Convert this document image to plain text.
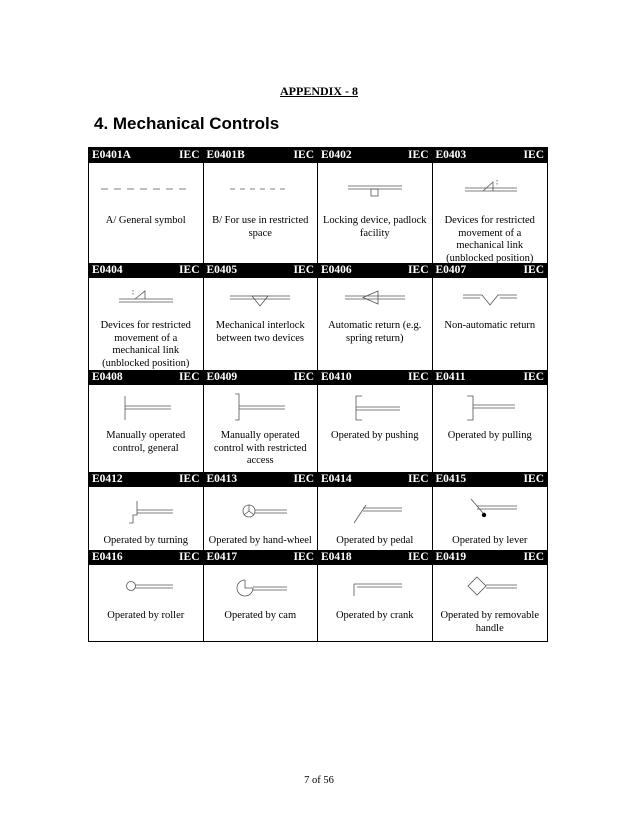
APPENDIX - 8
4. Mechanical Controls
E0401A	IEC
A/ General symbol
E0401B	IEC
B/ For use in restricted space
E0402	IEC
Locking device, padlock facility
E0403	IEC
Devices for restricted movement of a mechanical link (unblocked position)
E0404	IEC
Devices for restricted movement of a mechanical link (unblocked position)
E0405	IEC
Mechanical interlock between two devices
E0406	IEC
Automatic return (e.g. spring return)
E0407	IEC
Non-automatic return
E0408	IEC
Manually operated control, general
E0409	IEC
Manually operated control with restricted access
E0410	IEC
Operated by pushing
E0411	IEC
Operated by pulling
E0412	IEC
Operated by turning
E0413	IEC
Operated by hand-wheel
E0414	IEC
Operated by pedal
E0415	IEC
Operated by lever
E0416	IEC
Operated by roller
E0417	IEC
Operated by cam
E0418	IEC
Operated by crank
E0419	IEC
Operated by removable handle
7 of 56
